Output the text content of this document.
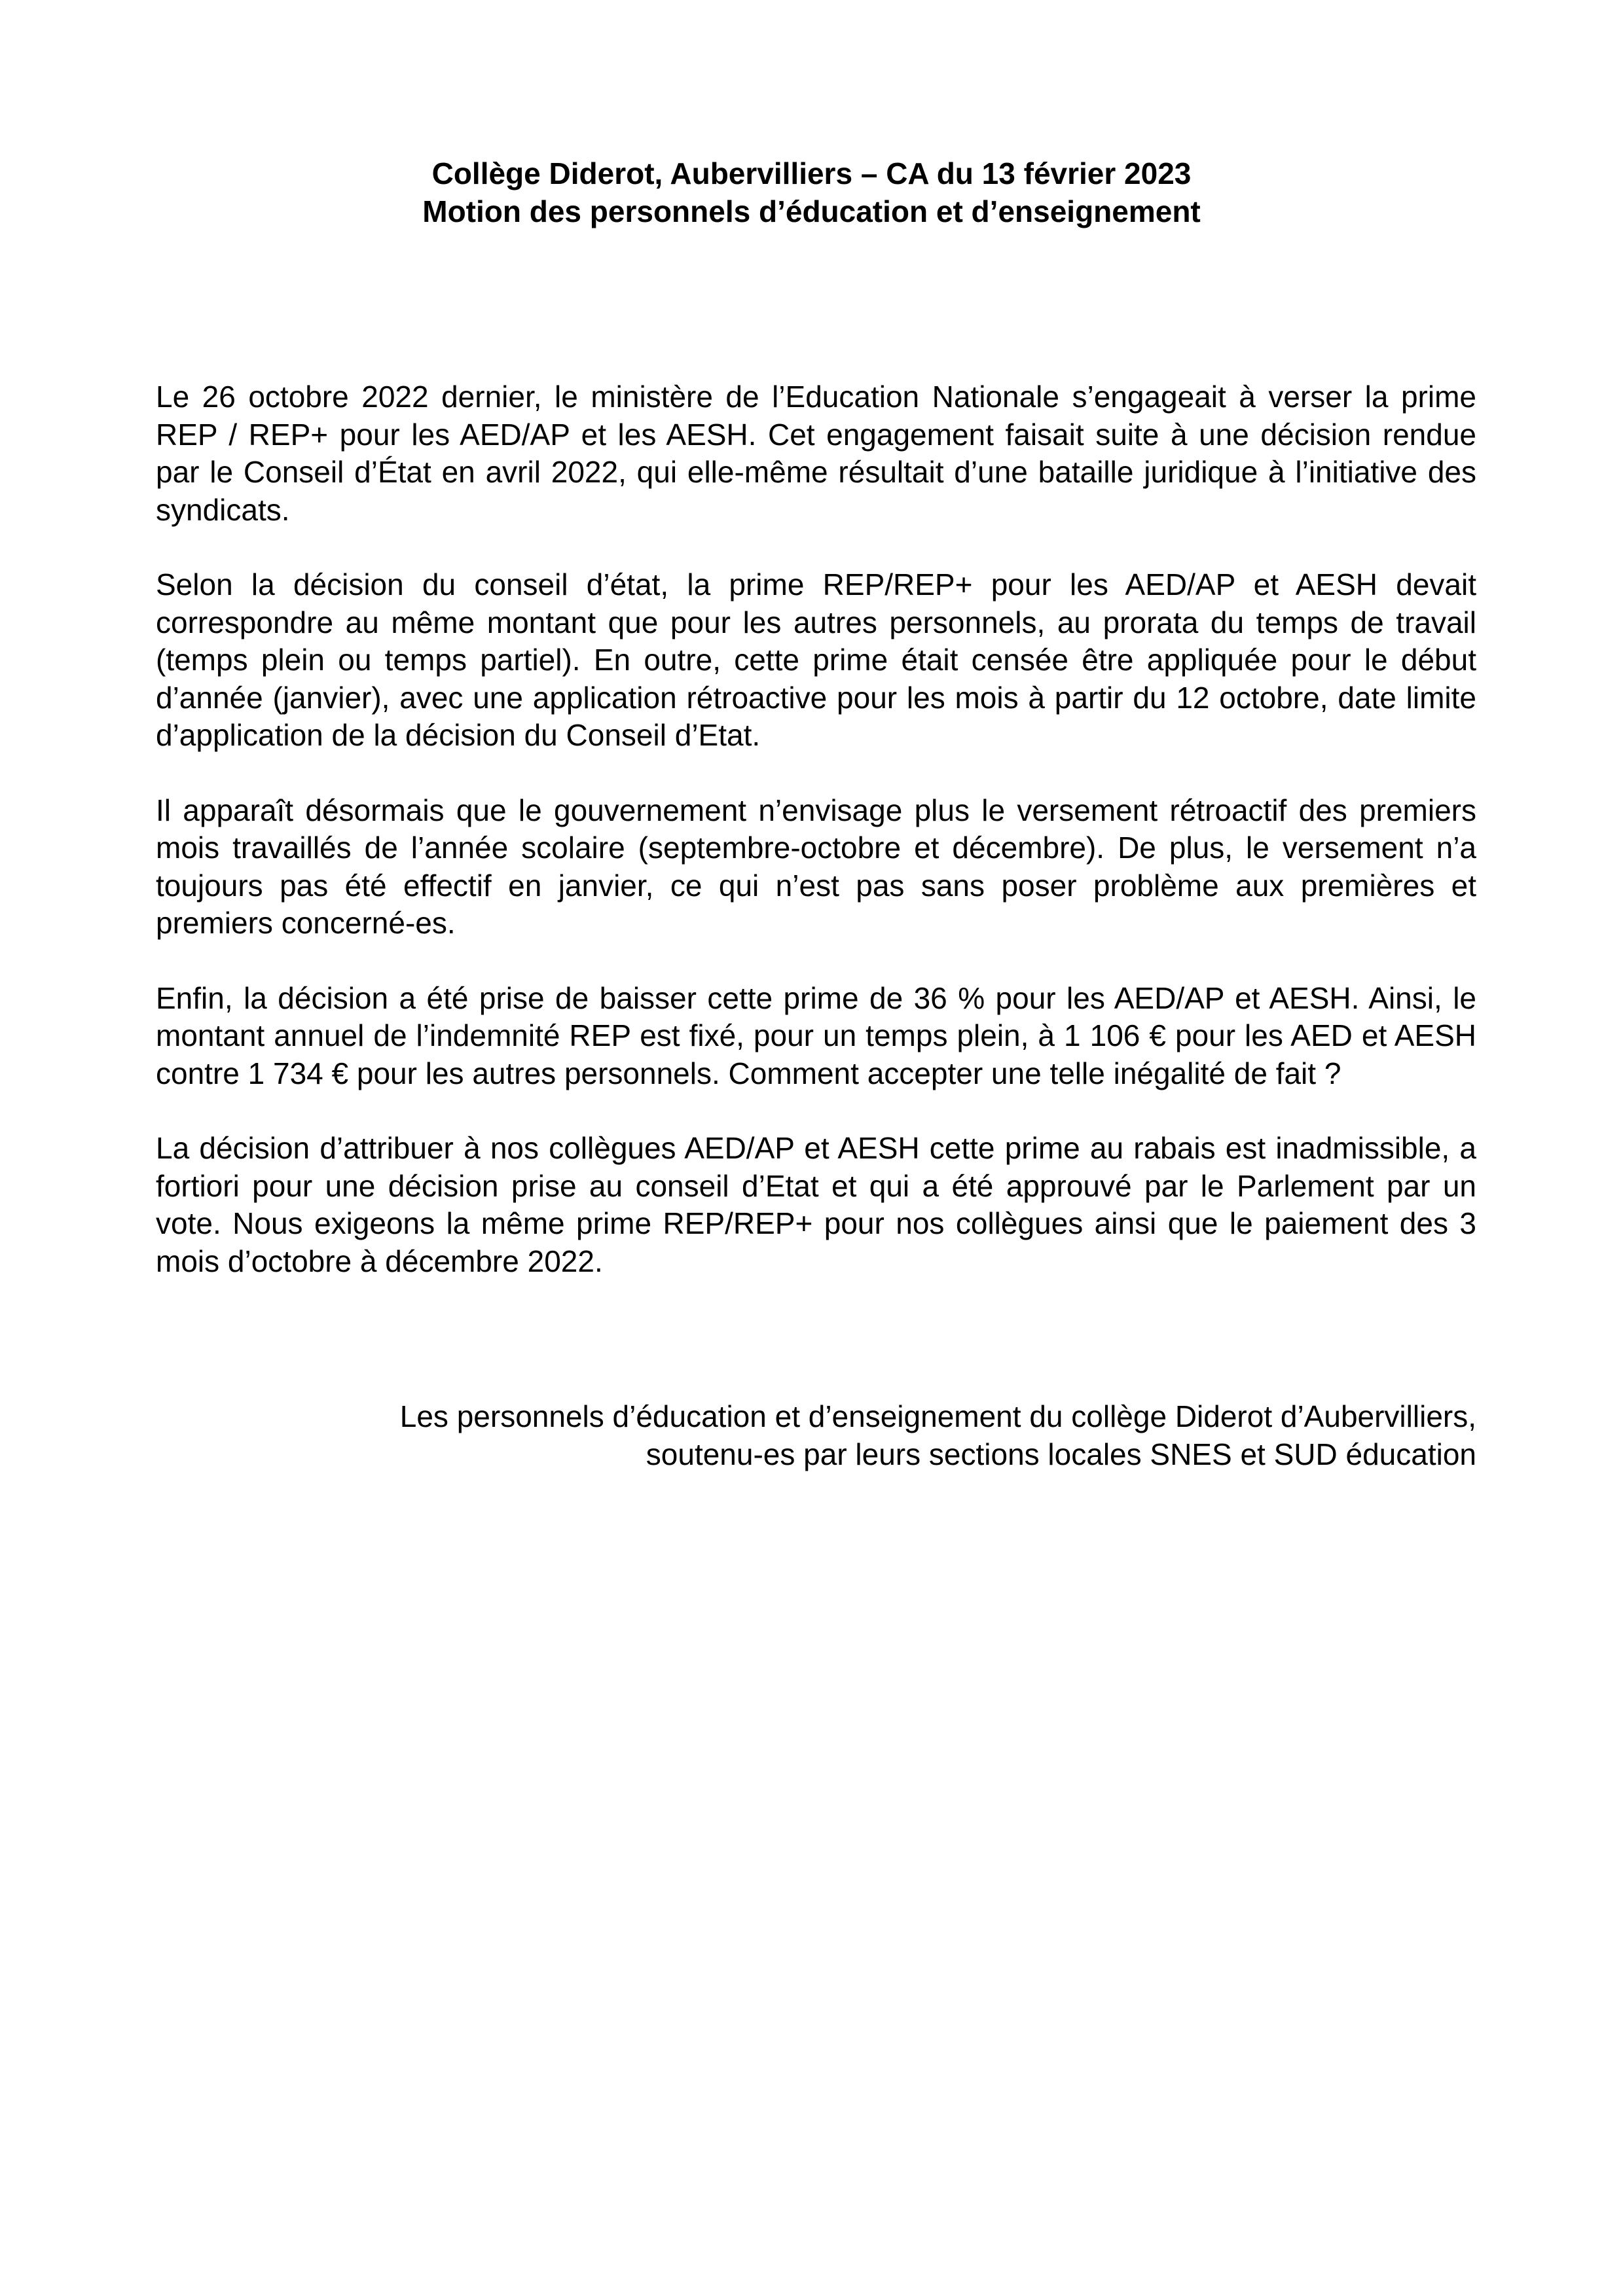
Collège Diderot, Aubervilliers – CA du 13 février 2023
Motion des personnels d’éducation et d’enseignement

Le 26 octobre 2022 dernier, le ministère de l’Education Nationale s’engageait à verser la prime REP / REP+ pour les AED/AP et les AESH. Cet engagement faisait suite à une décision rendue par le Conseil d’État en avril 2022, qui elle-même résultait d’une bataille juridique à l’initiative des syndicats.

Selon la décision du conseil d’état, la prime REP/REP+ pour les AED/AP et AESH devait correspondre au même montant que pour les autres personnels, au prorata du temps de travail (temps plein ou temps partiel). En outre, cette prime était censée être appliquée pour le début d’année (janvier), avec une application rétroactive pour les mois à partir du 12 octobre, date limite d’application de la décision du Conseil d’Etat.

Il apparaît désormais que le gouvernement n’envisage plus le versement rétroactif des premiers mois travaillés de l’année scolaire (septembre-octobre et décembre). De plus, le versement n’a toujours pas été effectif en janvier, ce qui n’est pas sans poser problème aux premières et premiers concerné-es.

Enfin, la décision a été prise de baisser cette prime de 36 % pour les AED/AP et AESH. Ainsi, le montant annuel de l’indemnité REP est fixé, pour un temps plein, à 1 106 € pour les AED et AESH contre 1 734 € pour les autres personnels. Comment accepter une telle inégalité de fait ?

La décision d’attribuer à nos collègues AED/AP et AESH cette prime au rabais est inadmissible, a fortiori pour une décision prise au conseil d’Etat et qui a été approuvé par le Parlement par un vote. Nous exigeons la même prime REP/REP+ pour nos collègues ainsi que le paiement des 3 mois d’octobre à décembre 2022.

Les personnels d’éducation et d’enseignement du collège Diderot d’Aubervilliers,
soutenu-es par leurs sections locales SNES et SUD éducation
